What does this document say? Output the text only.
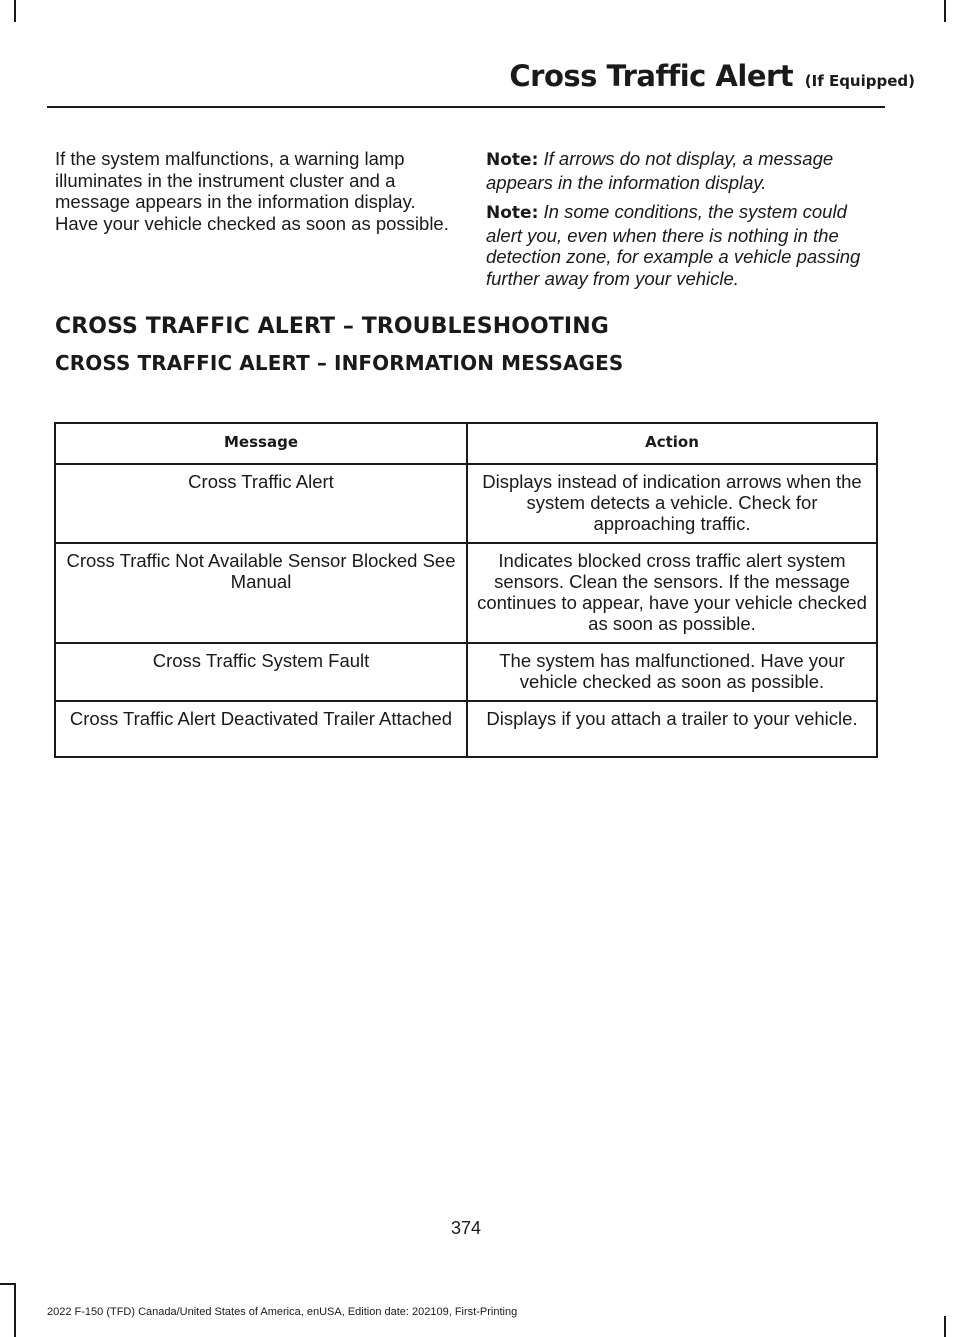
Cross Traffic Alert (If Equipped)

If the system malfunctions, a warning lamp illuminates in the instrument cluster and a message appears in the information display. Have your vehicle checked as soon as possible.

Note: If arrows do not display, a message appears in the information display.

Note: In some conditions, the system could alert you, even when there is nothing in the detection zone, for example a vehicle passing further away from your vehicle.

CROSS TRAFFIC ALERT – TROUBLESHOOTING
CROSS TRAFFIC ALERT – INFORMATION MESSAGES
Message	Action
Cross Traffic Alert	Displays instead of indication arrows when the system detects a vehicle. Check for approaching traffic.
Cross Traffic Not Available Sensor Blocked See Manual	Indicates blocked cross traffic alert system sensors. Clean the sensors. If the message continues to appear, have your vehicle checked as soon as possible.
Cross Traffic System Fault	The system has malfunctioned. Have your vehicle checked as soon as possible.
Cross Traffic Alert Deactivated Trailer Attached	Displays if you attach a trailer to your vehicle.
374
2022 F-150 (TFD) Canada/United States of America, enUSA, Edition date: 202109, First-Printing
